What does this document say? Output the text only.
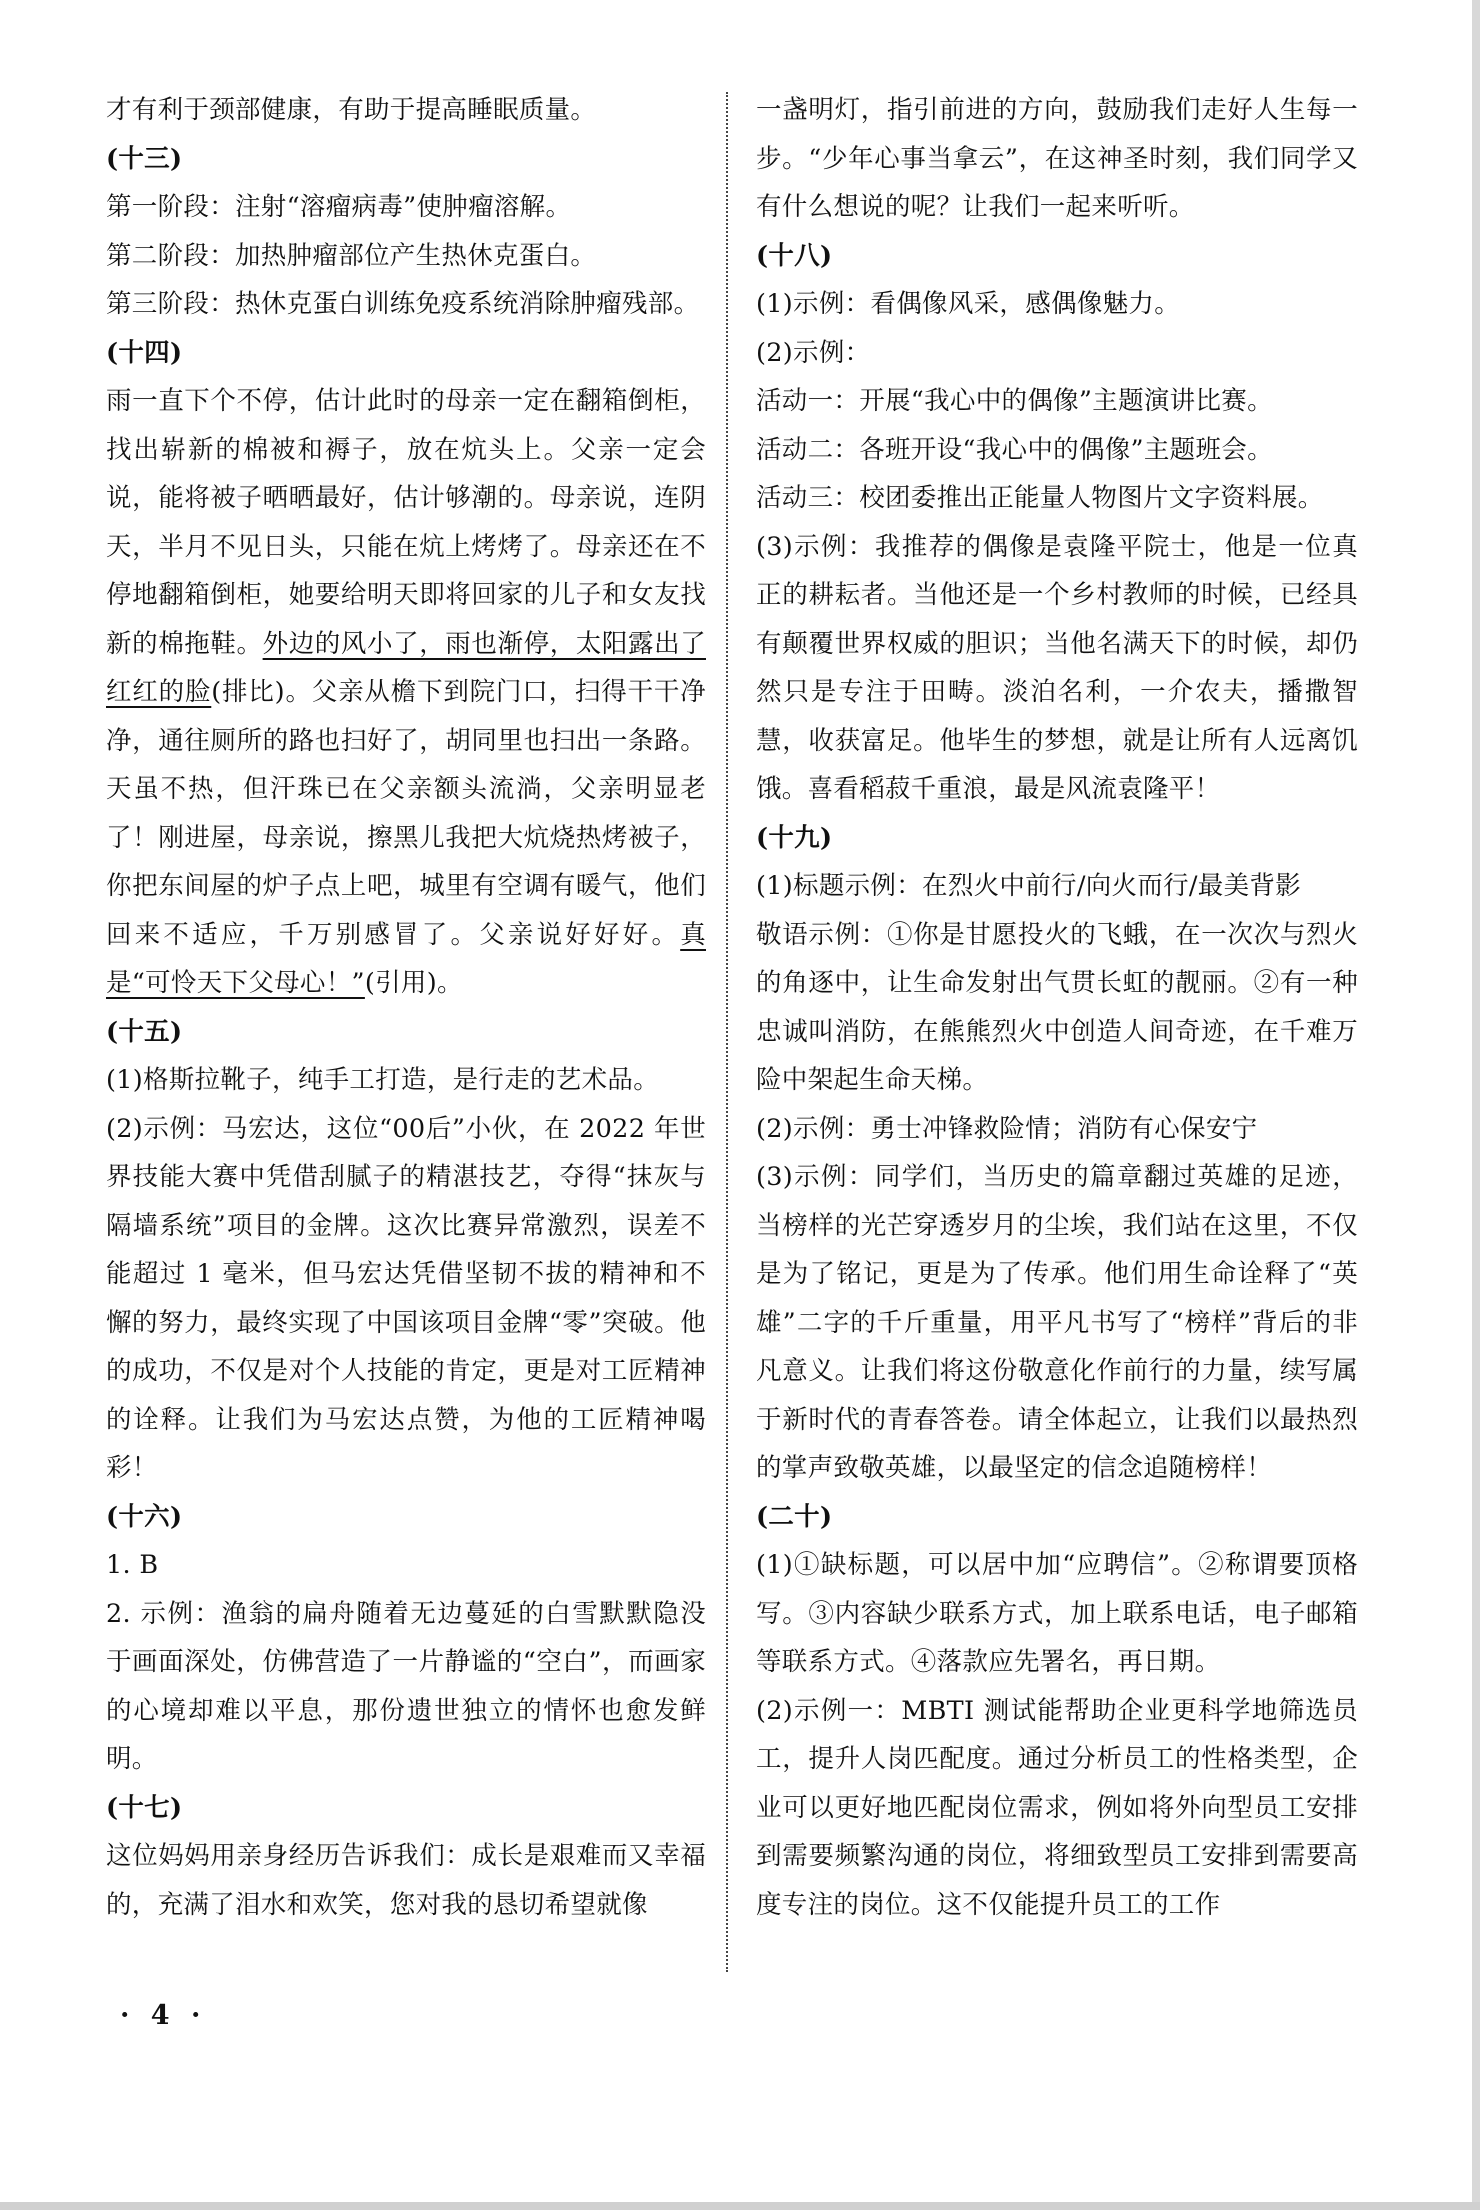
才有利于颈部健康，有助于提高睡眠质量。

(十三)

第一阶段：注射“溶瘤病毒”使肿瘤溶解。

第二阶段：加热肿瘤部位产生热休克蛋白。

第三阶段：热休克蛋白训练免疫系统消除肿瘤残部。

(十四)

雨一直下个不停，估计此时的母亲一定在翻箱倒柜，找出崭新的棉被和褥子，放在炕头上。父亲一定会说，能将被子晒晒最好，估计够潮的。母亲说，连阴天，半月不见日头，只能在炕上烤烤了。母亲还在不停地翻箱倒柜，她要给明天即将回家的儿子和女友找新的棉拖鞋。外边的风小了，雨也渐停，太阳露出了红红的脸(排比)。父亲从檐下到院门口，扫得干干净净，通往厕所的路也扫好了，胡同里也扫出一条路。天虽不热，但汗珠已在父亲额头流淌，父亲明显老了！刚进屋，母亲说，擦黑儿我把大炕烧热烤被子，你把东间屋的炉子点上吧，城里有空调有暖气，他们回来不适应，千万别感冒了。父亲说好好好。真是“可怜天下父母心！”(引用)。

(十五)

(1)格斯拉靴子，纯手工打造，是行走的艺术品。

(2)示例：马宏达，这位“00后”小伙，在 2022 年世界技能大赛中凭借刮腻子的精湛技艺，夺得“抹灰与隔墙系统”项目的金牌。这次比赛异常激烈，误差不能超过 1 毫米，但马宏达凭借坚韧不拔的精神和不懈的努力，最终实现了中国该项目金牌“零”突破。他的成功，不仅是对个人技能的肯定，更是对工匠精神的诠释。让我们为马宏达点赞，为他的工匠精神喝彩！

(十六)

1. B

2. 示例：渔翁的扁舟随着无边蔓延的白雪默默隐没于画面深处，仿佛营造了一片静谧的“空白”，而画家的心境却难以平息，那份遗世独立的情怀也愈发鲜明。

(十七)

这位妈妈用亲身经历告诉我们：成长是艰难而又幸福的，充满了泪水和欢笑，您对我的恳切希望就像

一盏明灯，指引前进的方向，鼓励我们走好人生每一步。“少年心事当拿云”，在这神圣时刻，我们同学又有什么想说的呢？让我们一起来听听。

(十八)

(1)示例：看偶像风采，感偶像魅力。

(2)示例：

活动一：开展“我心中的偶像”主题演讲比赛。

活动二：各班开设“我心中的偶像”主题班会。

活动三：校团委推出正能量人物图片文字资料展。

(3)示例：我推荐的偶像是袁隆平院士，他是一位真正的耕耘者。当他还是一个乡村教师的时候，已经具有颠覆世界权威的胆识；当他名满天下的时候，却仍然只是专注于田畴。淡泊名利，一介农夫，播撒智慧，收获富足。他毕生的梦想，就是让所有人远离饥饿。喜看稻菽千重浪，最是风流袁隆平！

(十九)

(1)标题示例：在烈火中前行/向火而行/最美背影

敬语示例：①你是甘愿投火的飞蛾，在一次次与烈火的角逐中，让生命发射出气贯长虹的靓丽。②有一种忠诚叫消防，在熊熊烈火中创造人间奇迹，在千难万险中架起生命天梯。

(2)示例：勇士冲锋救险情；消防有心保安宁

(3)示例：同学们，当历史的篇章翻过英雄的足迹，当榜样的光芒穿透岁月的尘埃，我们站在这里，不仅是为了铭记，更是为了传承。他们用生命诠释了“英雄”二字的千斤重量，用平凡书写了“榜样”背后的非凡意义。让我们将这份敬意化作前行的力量，续写属于新时代的青春答卷。请全体起立，让我们以最热烈的掌声致敬英雄，以最坚定的信念追随榜样！

(二十)

(1)①缺标题，可以居中加“应聘信”。②称谓要顶格写。③内容缺少联系方式，加上联系电话，电子邮箱等联系方式。④落款应先署名，再日期。

(2)示例一：MBTI 测试能帮助企业更科学地筛选员工，提升人岗匹配度。通过分析员工的性格类型，企业可以更好地匹配岗位需求，例如将外向型员工安排到需要频繁沟通的岗位，将细致型员工安排到需要高度专注的岗位。这不仅能提升员工的工作

· 4 ·
